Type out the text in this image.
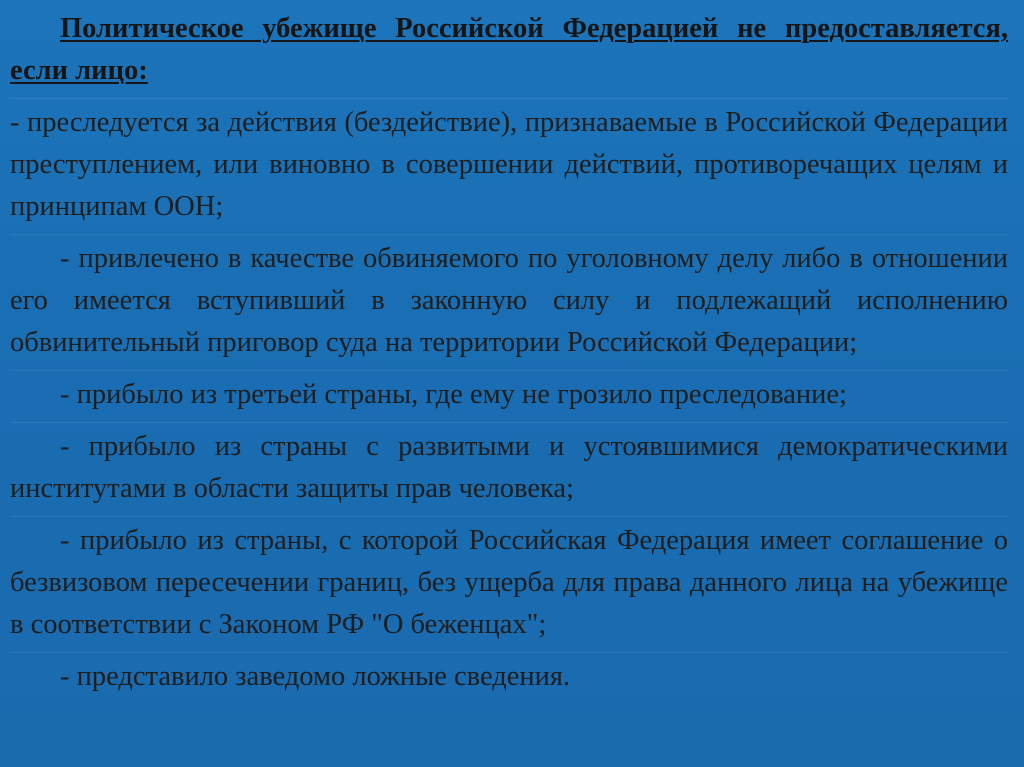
Политическое убежище Российской Федерацией не предоставляется, если лицо:

- преследуется за действия (бездействие), признаваемые в Российской Федерации преступлением, или виновно в совершении действий, противоречащих целям и принципам ООН;

- привлечено в качестве обвиняемого по уголовному делу либо в отношении его имеется вступивший в законную силу и подлежащий исполнению обвинительный приговор суда на территории Российской Федерации;

- прибыло из третьей страны, где ему не грозило преследование;

- прибыло из страны с развитыми и устоявшимися демократическими институтами в области защиты прав человека;

- прибыло из страны, с которой Российская Федерация имеет соглашение о безвизовом пересечении границ, без ущерба для права данного лица на убежище в соответствии с Законом РФ "О беженцах";

- представило заведомо ложные сведения.
